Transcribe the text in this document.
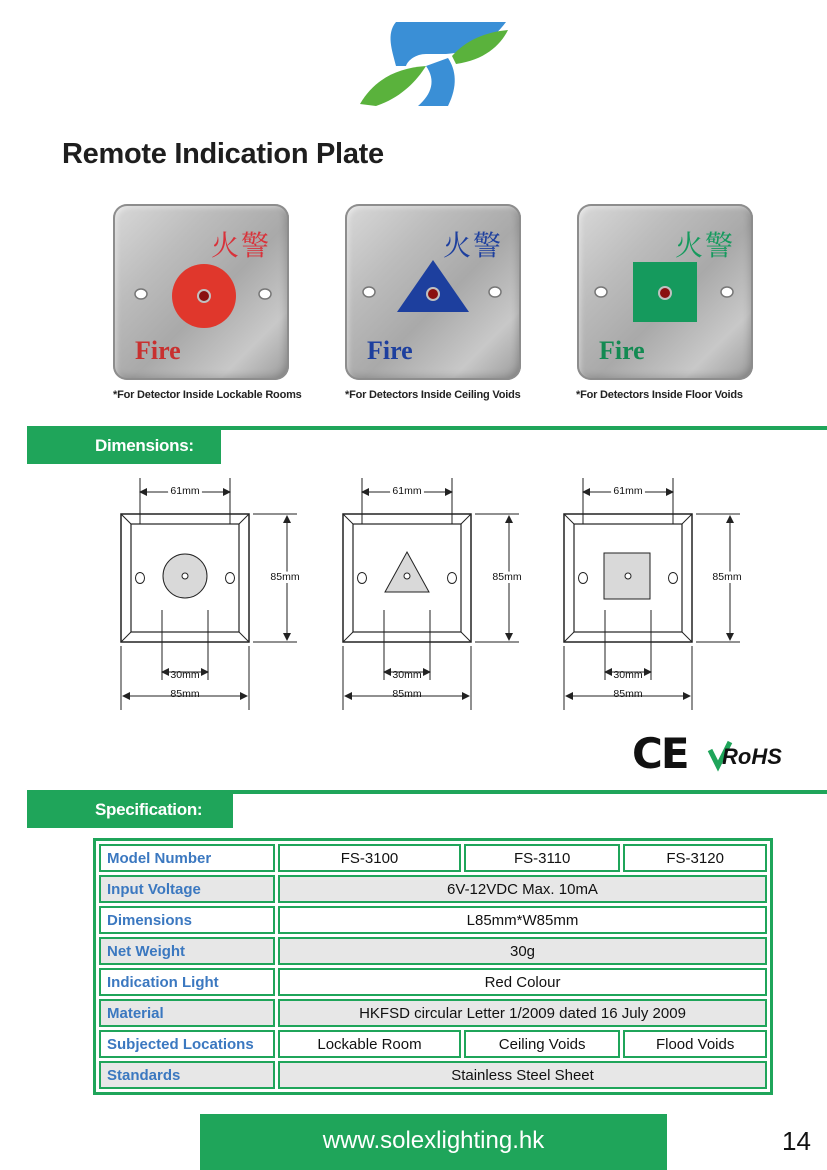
Remote Indication Plate
火警
Fire
火警
Fire
火警
Fire
*For Detector Inside Lockable Rooms	*For Detectors Inside Ceiling Voids	*For Detectors Inside Floor Voids
Dimensions:
61mm
85mm
30mm
85mm
61mm
85mm
30mm
85mm
61mm
85mm
30mm
85mm
CE RoHS
Specification:
Model Number	FS-3100	FS-3110	FS-3120
Input Voltage	6V-12VDC Max. 10mA		
Dimensions	L85mm*W85mm		
Net Weight	30g		
Indication Light	Red Colour		
Material	HKFSD circular Letter 1/2009 dated 16 July 2009		
Subjected Locations	Lockable Room	Ceiling Voids	Flood Voids
Standards	Stainless Steel Sheet		
www.solexlighting.hk	14
